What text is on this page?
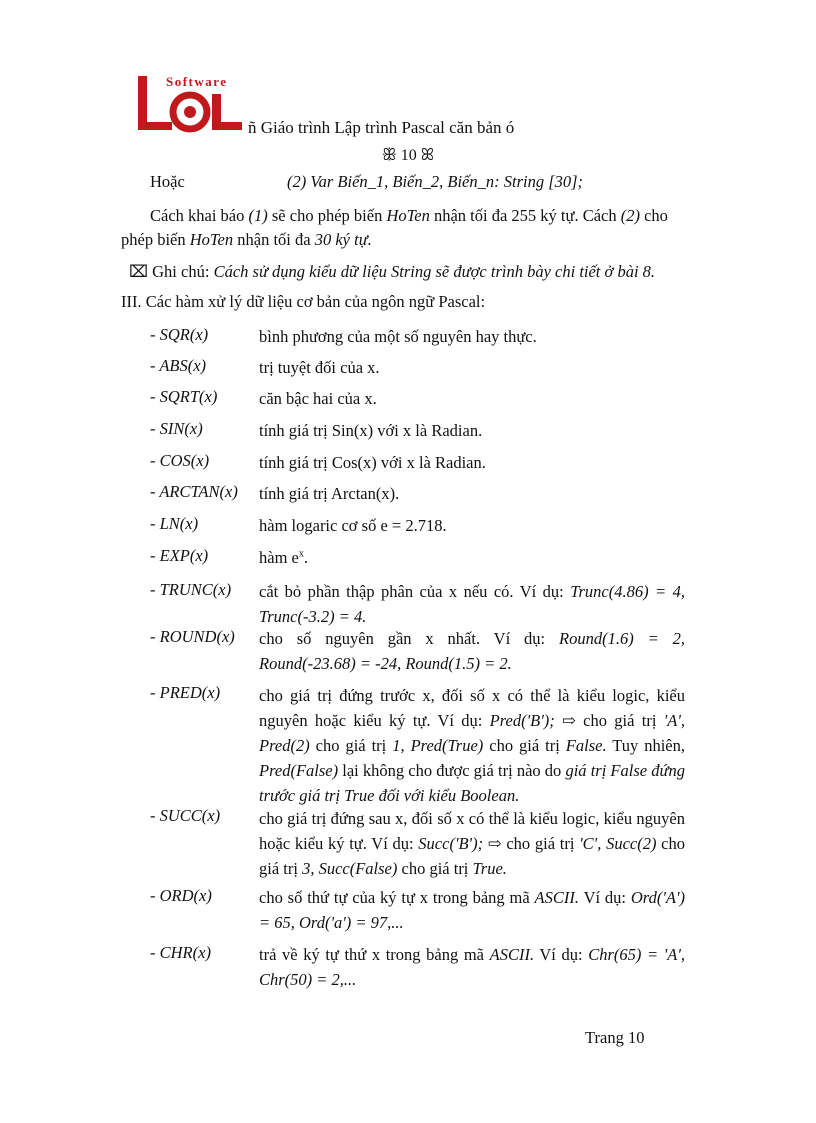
Software
ñ Giáo trình Lập trình Pascal căn bản ó
ꕥ 10 ꕤ
Hoặc	(2) Var Biến_1, Biến_2, Biến_n: String [30];
Cách khai báo (1) sẽ cho phép biến HoTen nhận tối đa 255 ký tự. Cách (2) cho
phép biến HoTen nhận tối đa 30 ký tự.
⌧ Ghi chú: Cách sử dụng kiểu dữ liệu String sẽ được trình bày chi tiết ở bài 8.
III. Các hàm xử lý dữ liệu cơ bản của ngôn ngữ Pascal:
- SQR(x)	bình phương của một số nguyên hay thực.
- ABS(x)	trị tuyệt đối của x.
- SQRT(x)	căn bậc hai của x.
- SIN(x)	tính giá trị Sin(x) với x là Radian.
- COS(x)	tính giá trị Cos(x) với x là Radian.
- ARCTAN(x) tính giá trị Arctan(x).
- LN(x)	hàm logaric cơ số e = 2.718.
- EXP(x)	hàm $e^x$.
- TRUNC(x) cắt bỏ phần thập phân của x nếu có. Ví dụ: Trunc(4.86) = 4, Trunc(-3.2) = 4.
- ROUND(x) cho số nguyên gần x nhất. Ví dụ: Round(1.6) = 2, Round(-23.68) = -24, Round(1.5) = 2.
- PRED(x) cho giá trị đứng trước x, đối số x có thể là kiểu logic, kiểu nguyên hoặc kiểu ký tự. Ví dụ: Pred('B'); ⇨ cho giá trị 'A', Pred(2) cho giá trị 1, Pred(True) cho giá trị False. Tuy nhiên, Pred(False) lại không cho được giá trị nào do giá trị False đứng trước giá trị True đối với kiểu Boolean.
- SUCC(x) cho giá trị đứng sau x, đối số x có thể là kiểu logic, kiểu nguyên hoặc kiểu ký tự. Ví dụ: Succ('B'); ⇨ cho giá trị 'C', Succ(2) cho giá trị 3, Succ(False) cho giá trị True.
- ORD(x)	cho số thứ tự của ký tự x trong bảng mã ASCII. Ví dụ: Ord('A') = 65, Ord('a') = 97,...
- CHR(x)	trả về ký tự thứ x trong bảng mã ASCII. Ví dụ: Chr(65) = 'A', Chr(50) = 2,...
Trang 10
